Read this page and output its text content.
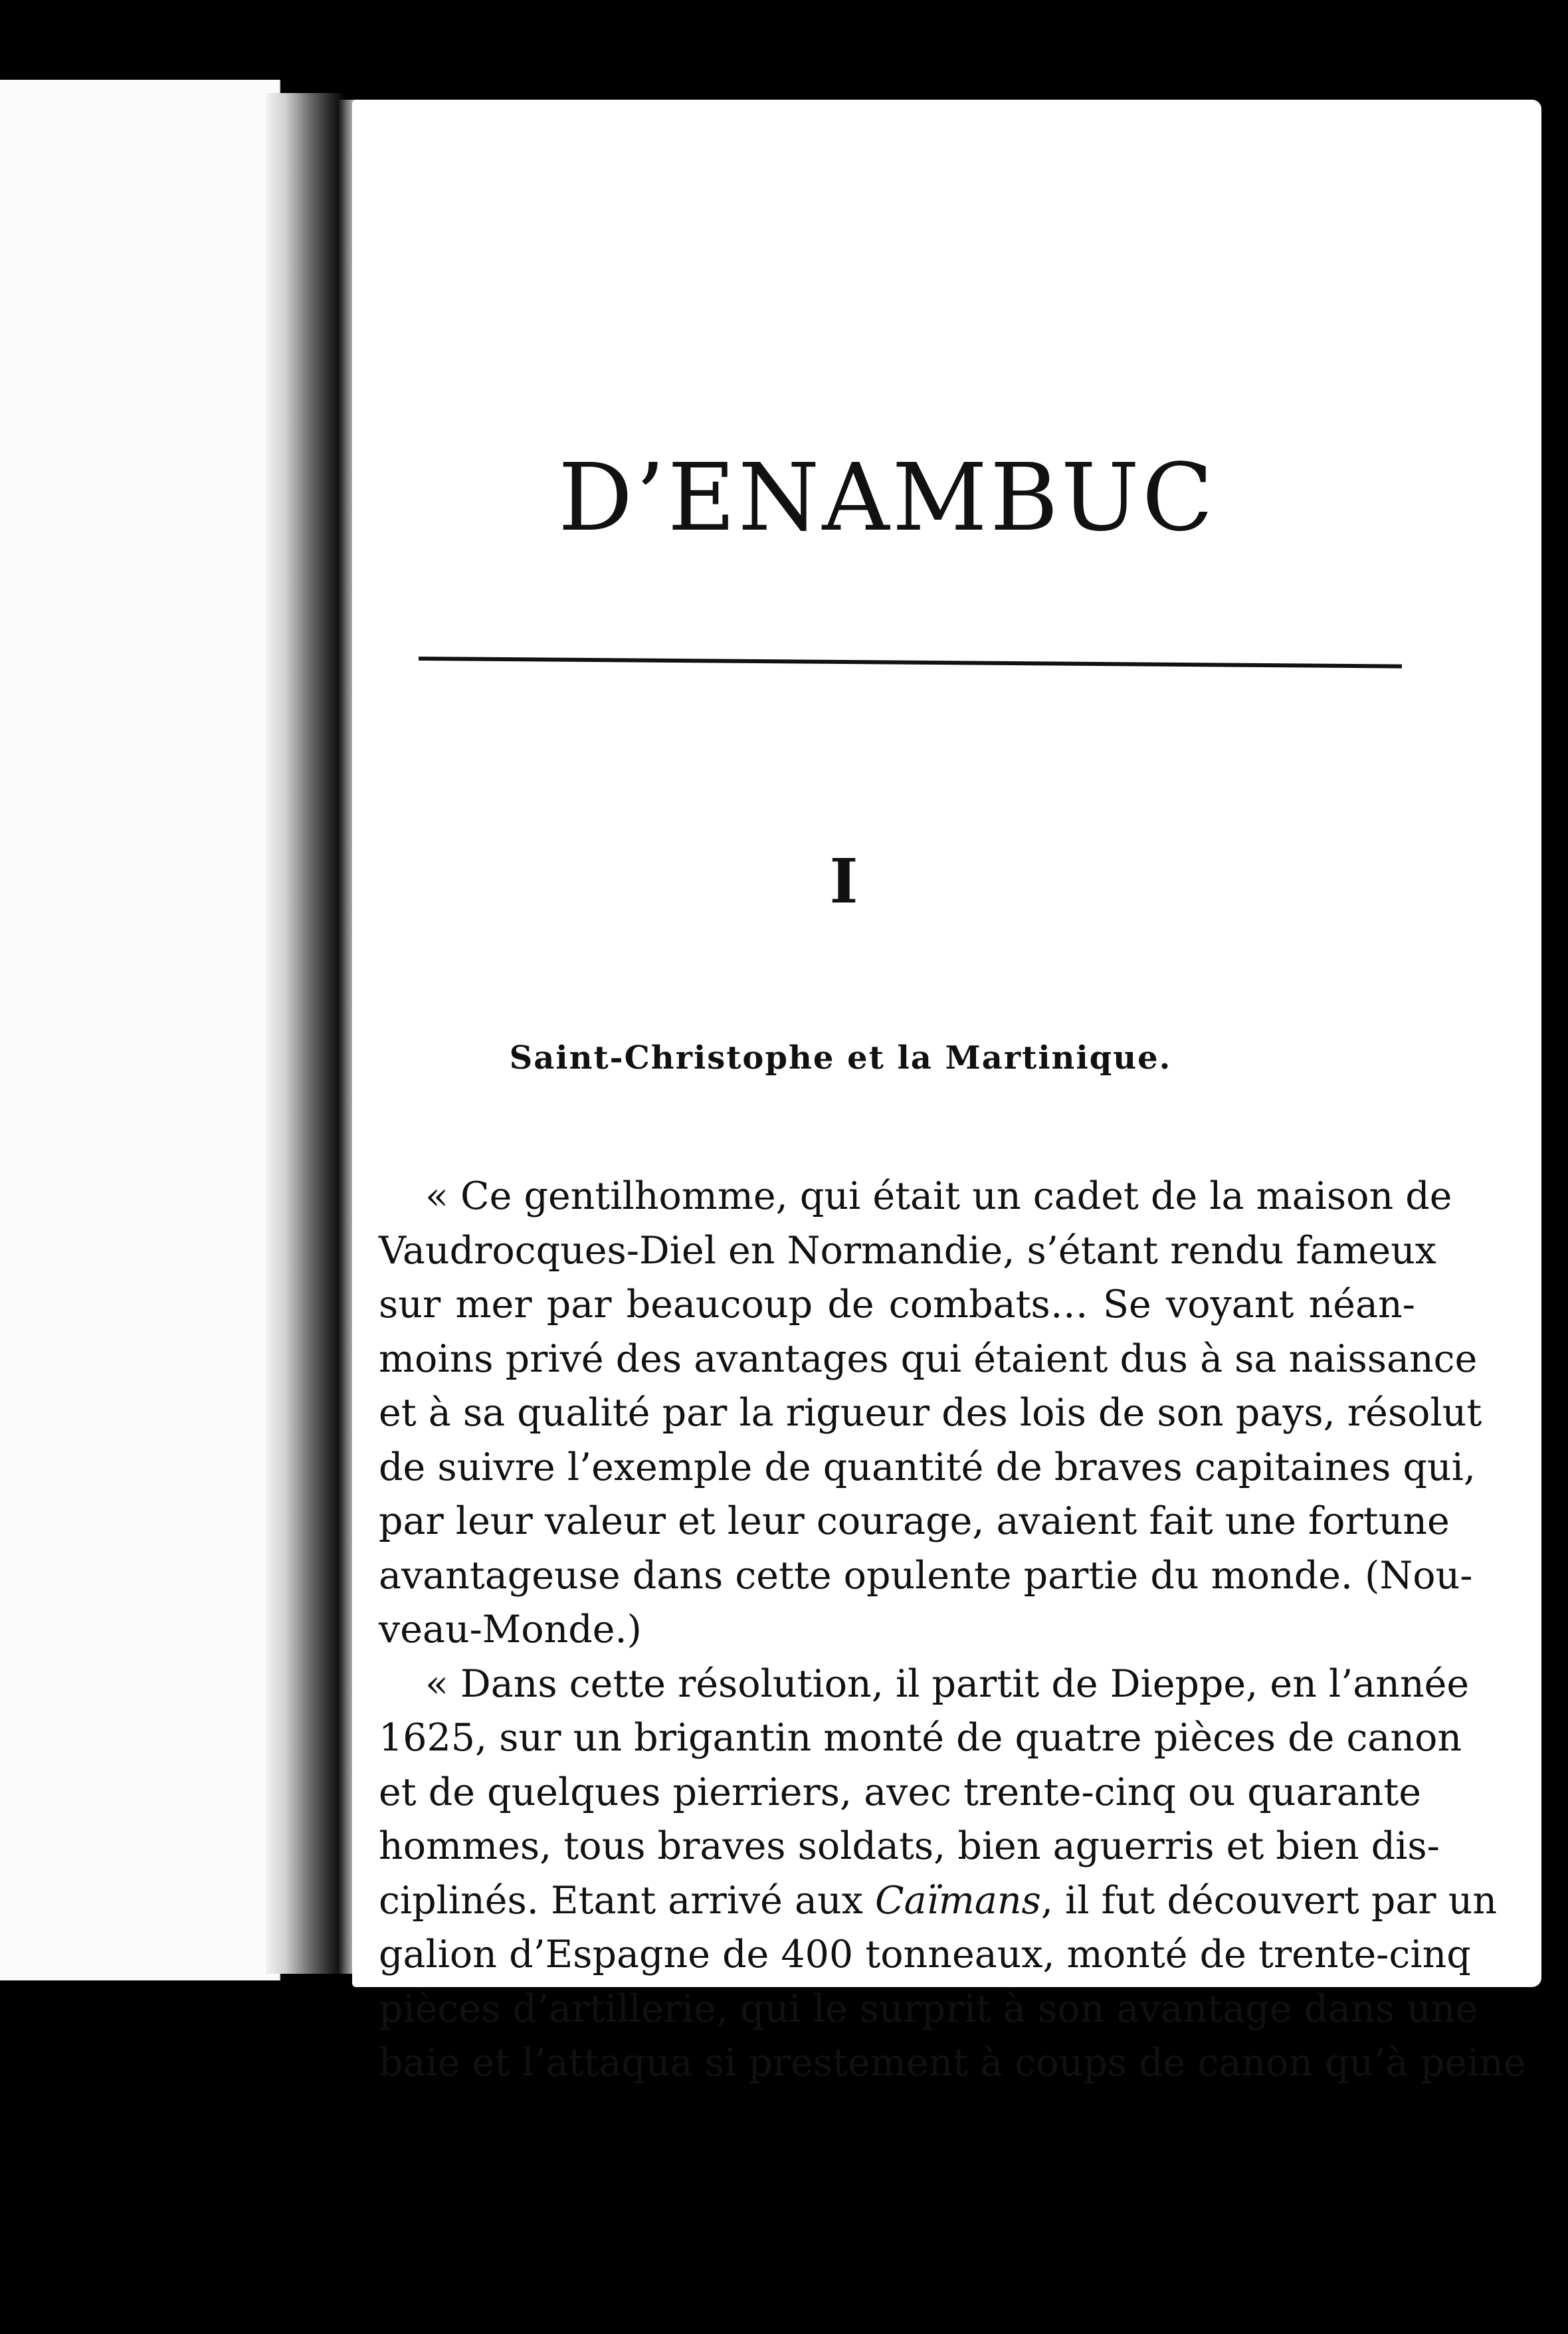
D’ENAMBUC
I
Saint-Christophe et la Martinique.
« Ce gentilhomme, qui était un cadet de la maison de
Vaudrocques-Diel en Normandie, s’étant rendu fameux
sur mer par beaucoup de combats… Se voyant néan-
moins privé des avantages qui étaient dus à sa naissance
et à sa qualité par la rigueur des lois de son pays, résolut
de suivre l’exemple de quantité de braves capitaines qui,
par leur valeur et leur courage, avaient fait une fortune
avantageuse dans cette opulente partie du monde. (Nou-
veau-Monde.)
« Dans cette résolution, il partit de Dieppe, en l’année
1625, sur un brigantin monté de quatre pièces de canon
et de quelques pierriers, avec trente-cinq ou quarante
hommes, tous braves soldats, bien aguerris et bien dis-
ciplinés. Etant arrivé aux Caïmans, il fut découvert par un
galion d’Espagne de 400 tonneaux, monté de trente-cinq
pièces d’artillerie, qui le surprit à son avantage dans une
baie et l’attaqua si prestement à coups de canon qu’à peine
